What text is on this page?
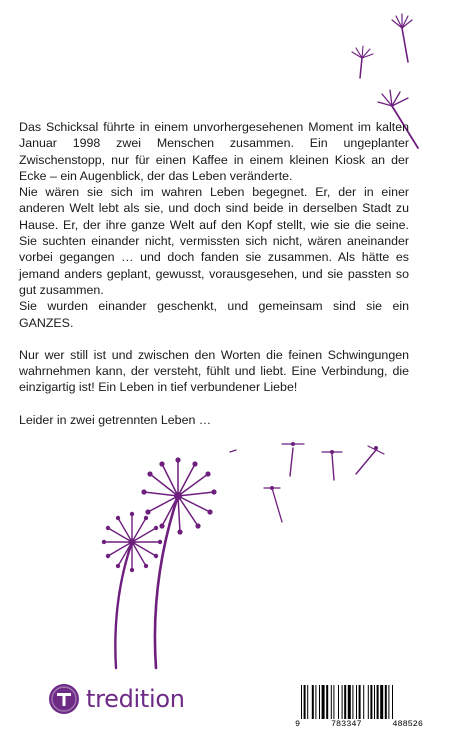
Das Schicksal führte in einem unvorhergesehenen Moment im kalten Januar 1998 zwei Menschen zusammen. Ein ungeplanter Zwischenstopp, nur für einen Kaffee in einem kleinen Kiosk an der Ecke – ein Augenblick, der das Leben veränderte.

Nie wären sie sich im wahren Leben begegnet. Er, der in einer anderen Welt lebt als sie, und doch sind beide in derselben Stadt zu Hause. Er, der ihre ganze Welt auf den Kopf stellt, wie sie die seine. Sie suchten einander nicht, vermissten sich nicht, wären aneinander vorbei gegangen … und doch fanden sie zusammen. Als hätte es jemand anders geplant, gewusst, vorausgesehen, und sie passten so gut zusammen.

Sie wurden einander geschenkt, und gemeinsam sind sie ein GANZES.

Nur wer still ist und zwischen den Worten die feinen Schwingungen wahrnehmen kann, der versteht, fühlt und liebt. Eine Verbindung, die einzigartig ist! Ein Leben in tief verbundener Liebe!

Leider in zwei getrennten Leben …

tredition
9	783347	488526
